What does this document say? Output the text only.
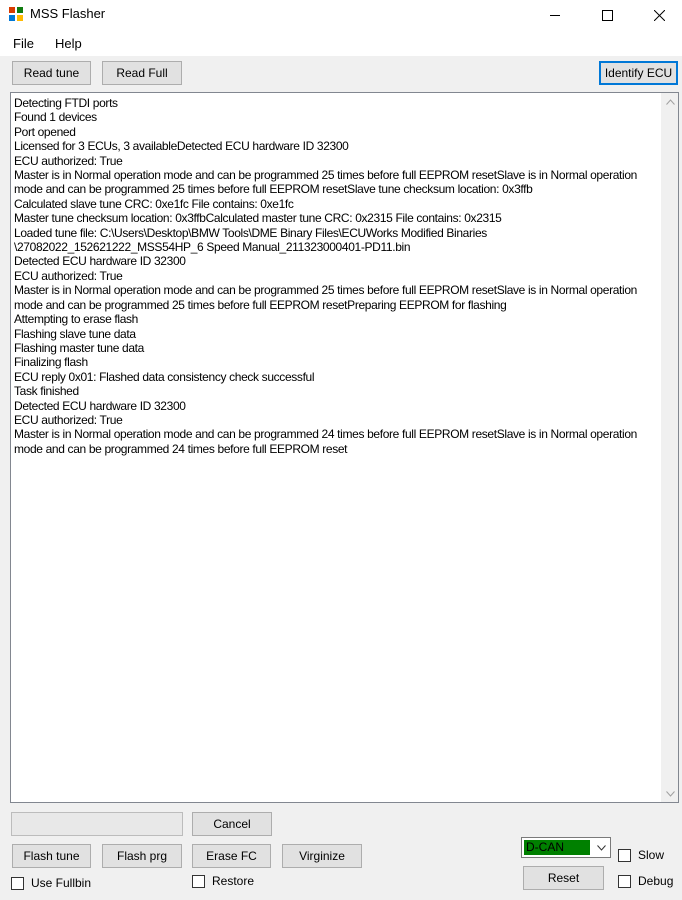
MSS Flasher
File Help
Read tune	Read Full	Identify ECU
Detecting FTDI ports
Found 1 devices
Port opened
Licensed for 3 ECUs, 3 availableDetected ECU hardware ID 32300
ECU authorized: True
Master is in Normal operation mode and can be programmed 25 times before full EEPROM resetSlave is in Normal operation mode and can be programmed 25 times before full EEPROM resetSlave tune checksum location: 0x3ffb
Calculated slave tune CRC: 0xe1fc File contains: 0xe1fc
Master tune checksum location: 0x3ffbCalculated master tune CRC: 0x2315 File contains: 0x2315
Loaded tune file: C:\Users\Desktop\BMW Tools\DME Binary Files\ECUWorks Modified Binaries \27082022_152621222_MSS54HP_6 Speed Manual_211323000401-PD11.bin
Detected ECU hardware ID 32300
ECU authorized: True
Master is in Normal operation mode and can be programmed 25 times before full EEPROM resetSlave is in Normal operation mode and can be programmed 25 times before full EEPROM resetPreparing EEPROM for flashing
Attempting to erase flash
Flashing slave tune data
Flashing master tune data
Finalizing flash
ECU reply 0x01: Flashed data consistency check successful
Task finished
Detected ECU hardware ID 32300
ECU authorized: True
Master is in Normal operation mode and can be programmed 24 times before full EEPROM resetSlave is in Normal operation mode and can be programmed 24 times before full EEPROM reset
Cancel
Flash tune	Flash prg	Erase FC	Virginize
Use Fullbin	Restore
D-CAN
Slow
Reset	Debug
